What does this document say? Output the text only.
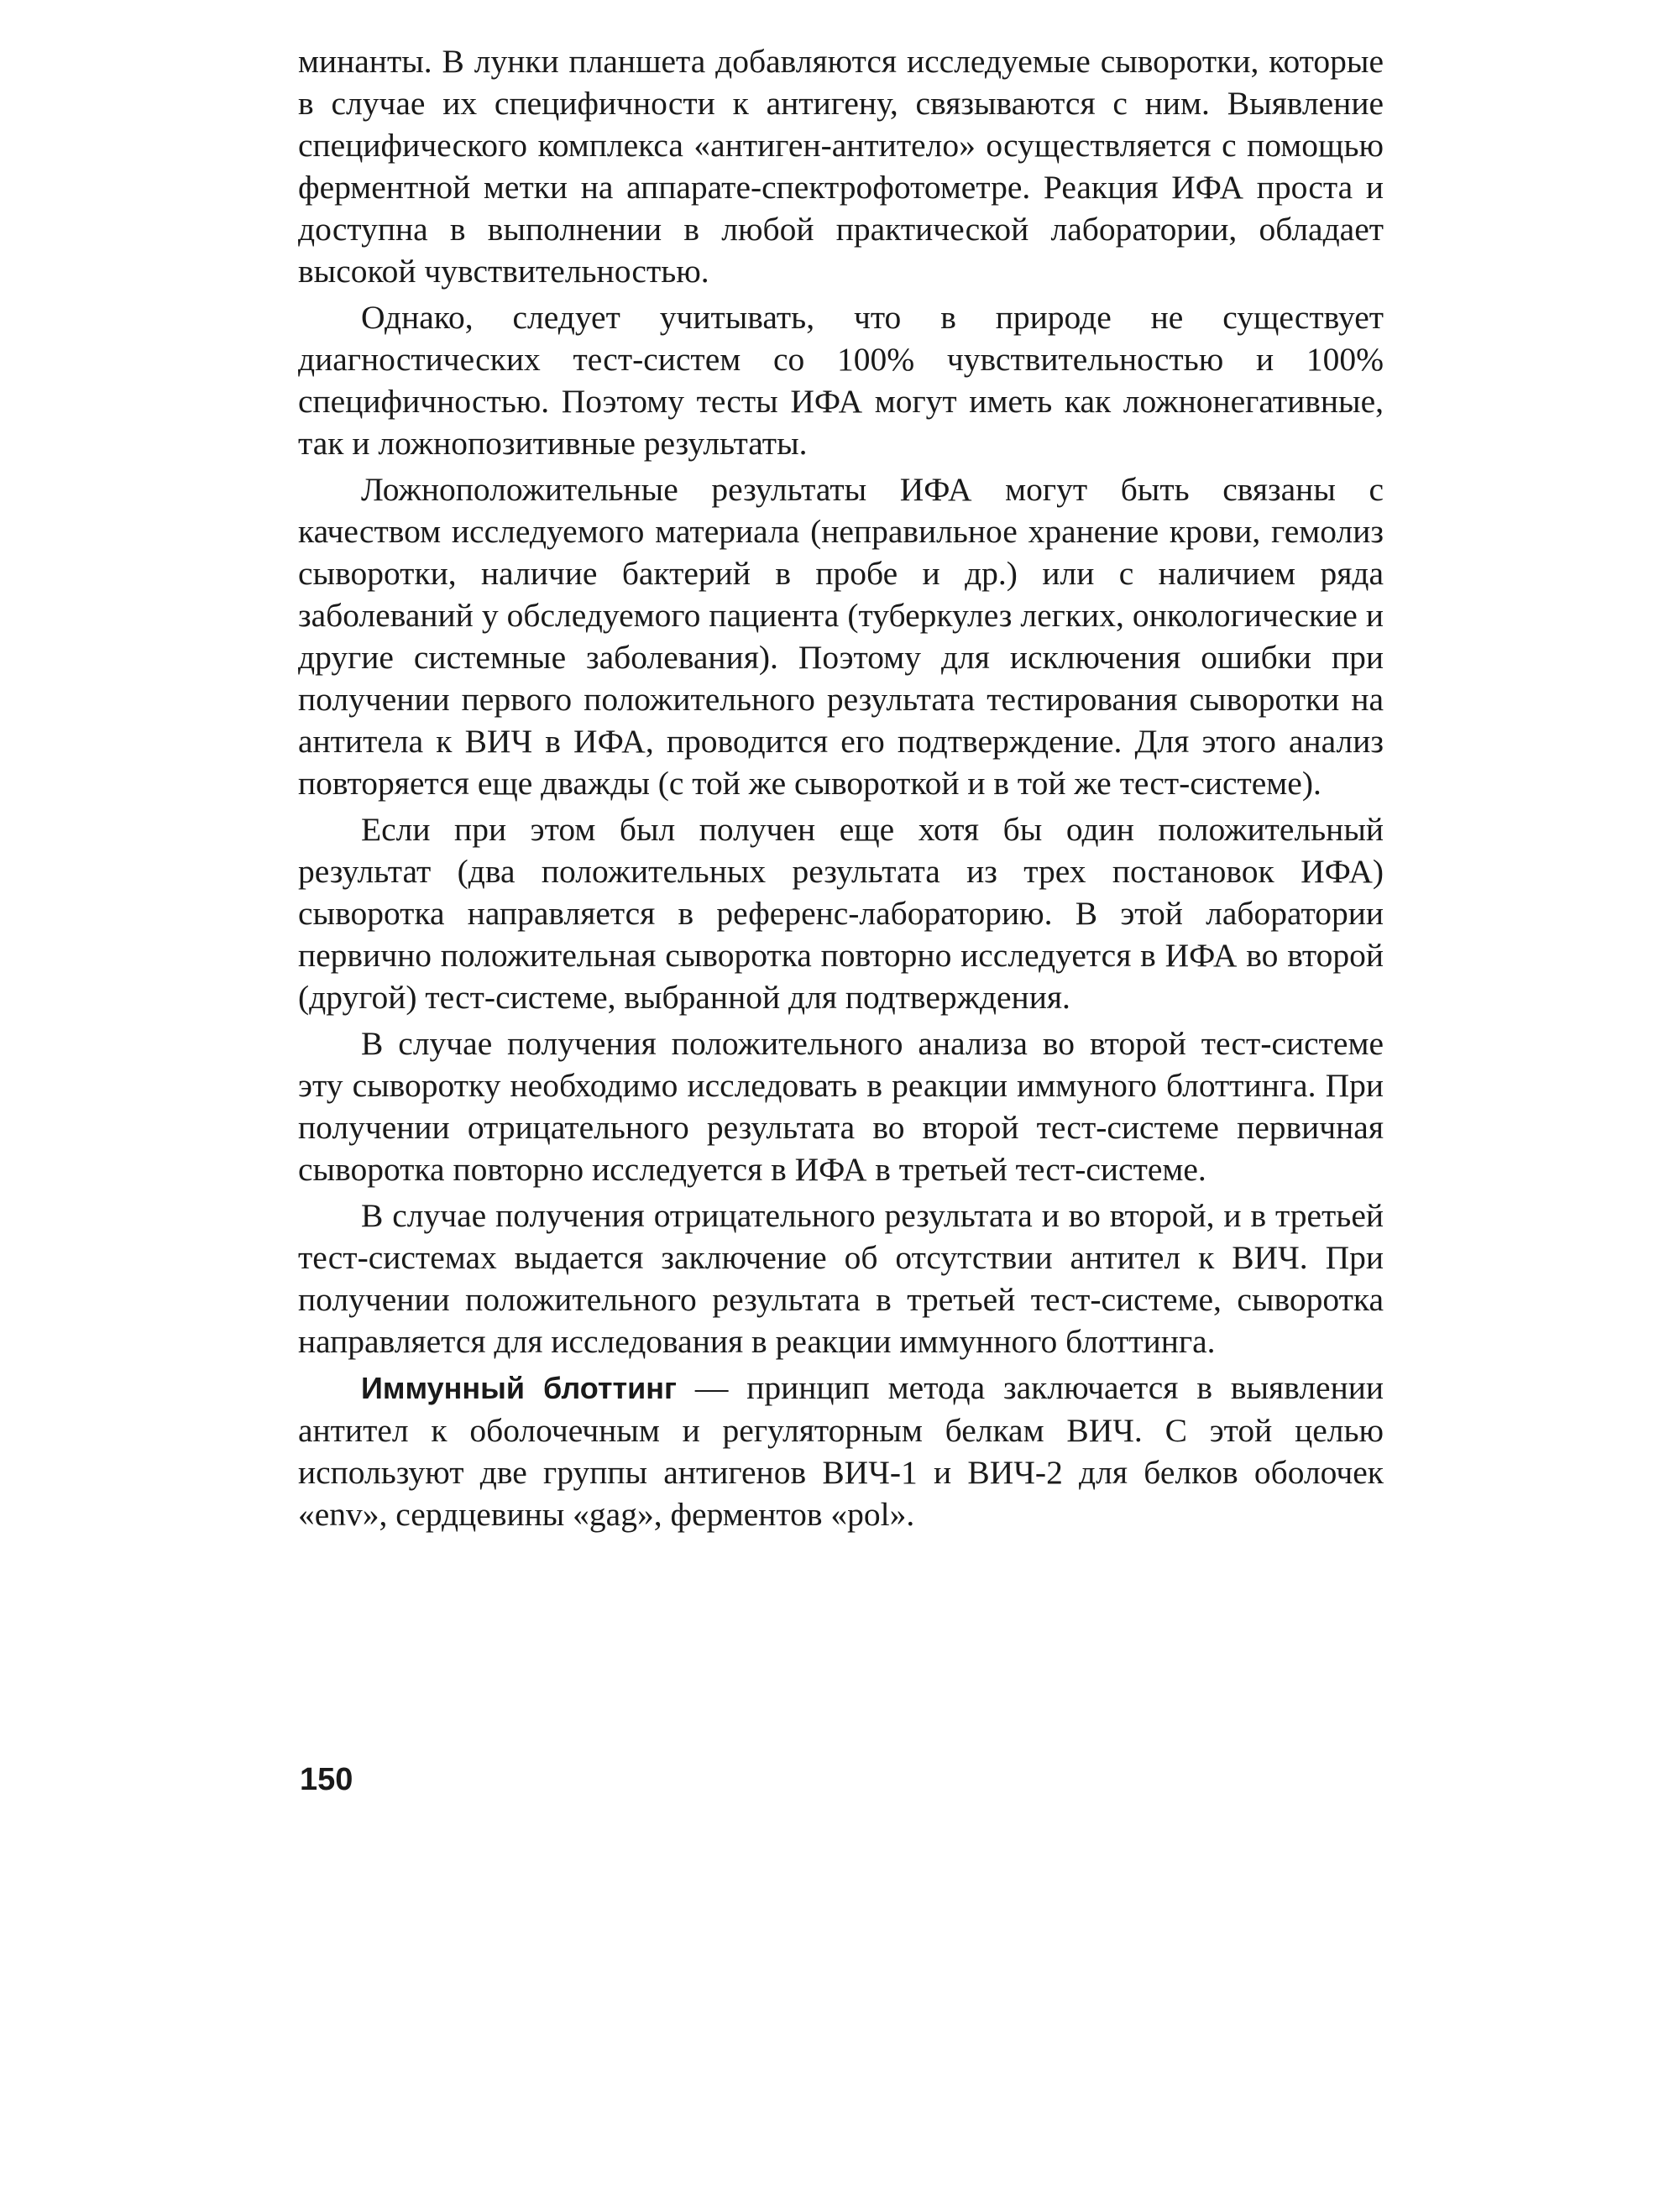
минанты. В лунки планшета добавляются исследуемые сыворотки, которые в случае их специфичности к антигену, связываются с ним. Выявление специфического комплекса «антиген-антитело» осуществляется с помощью ферментной метки на аппарате-спектрофотометре. Реакция ИФА проста и доступна в выполнении в любой практической лаборатории, обладает высокой чувствительностью.

Однако, следует учитывать, что в природе не существует диагностических тест-систем со 100% чувствительностью и 100% специфичностью. Поэтому тесты ИФА могут иметь как ложнонегативные, так и ложнопозитивные результаты.

Ложноположительные результаты ИФА могут быть связаны с качеством исследуемого материала (неправильное хранение крови, гемолиз сыворотки, наличие бактерий в пробе и др.) или с наличием ряда заболеваний у обследуемого пациента (туберкулез легких, онкологические и другие системные заболевания). Поэтому для исключения ошибки при получении первого положительного результата тестирования сыворотки на антитела к ВИЧ в ИФА, проводится его подтверждение. Для этого анализ повторяется еще дважды (с той же сывороткой и в той же тест-системе).

Если при этом был получен еще хотя бы один положительный результат (два положительных результата из трех постановок ИФА) сыворотка направляется в референс-лабораторию. В этой лаборатории первично положительная сыворотка повторно исследуется в ИФА во второй (другой) тест-системе, выбранной для подтверждения.

В случае получения положительного анализа во второй тест-системе эту сыворотку необходимо исследовать в реакции иммуного блоттинга. При получении отрицательного результата во второй тест-системе первичная сыворотка повторно исследуется в ИФА в третьей тест-системе.

В случае получения отрицательного результата и во второй, и в третьей тест-системах выдается заключение об отсутствии антител к ВИЧ. При получении положительного результата в третьей тест-системе, сыворотка направляется для исследования в реакции иммунного блоттинга.

Иммунный блоттинг — принцип метода заключается в выявлении антител к оболочечным и регуляторным белкам ВИЧ. С этой целью используют две группы антигенов ВИЧ-1 и ВИЧ-2 для белков оболочек «env», сердцевины «gag», ферментов «pol».

150
